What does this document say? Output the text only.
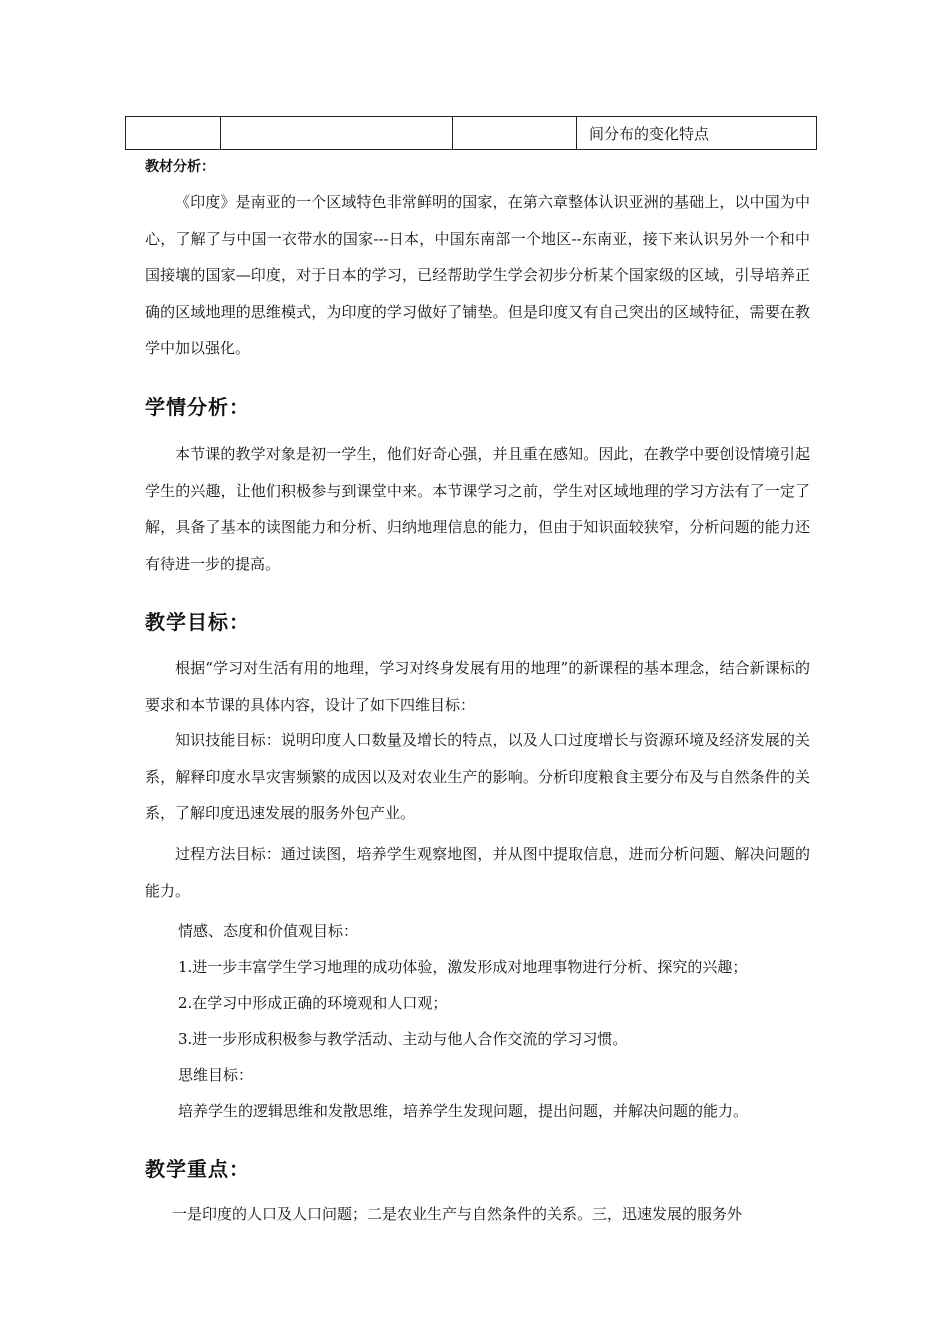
			间分布的变化特点
教材分析：

《印度》是南亚的一个区域特色非常鲜明的国家，在第六章整体认识亚洲的基础上，以中国为中心，了解了与中国一衣带水的国家---日本，中国东南部一个地区--东南亚，接下来认识另外一个和中国接壤的国家—印度，对于日本的学习，已经帮助学生学会初步分析某个国家级的区域，引导培养正确的区域地理的思维模式，为印度的学习做好了铺垫。但是印度又有自己突出的区域特征，需要在教学中加以强化。

学情分析：

本节课的教学对象是初一学生，他们好奇心强，并且重在感知。因此，在教学中要创设情境引起学生的兴趣，让他们积极参与到课堂中来。本节课学习之前，学生对区域地理的学习方法有了一定了解，具备了基本的读图能力和分析、归纳地理信息的能力，但由于知识面较狭窄，分析问题的能力还有待进一步的提高。

教学目标：

根据“学习对生活有用的地理，学习对终身发展有用的地理”的新课程的基本理念，结合新课标的要求和本节课的具体内容，设计了如下四维目标：

知识技能目标：说明印度人口数量及增长的特点，以及人口过度增长与资源环境及经济发展的关系，解释印度水旱灾害频繁的成因以及对农业生产的影响。分析印度粮食主要分布及与自然条件的关系，了解印度迅速发展的服务外包产业。

过程方法目标：通过读图，培养学生观察地图，并从图中提取信息，进而分析问题、解决问题的能力。

情感、态度和价值观目标：
1.进一步丰富学生学习地理的成功体验，激发形成对地理事物进行分析、探究的兴趣；
2.在学习中形成正确的环境观和人口观；
3.进一步形成积极参与教学活动、主动与他人合作交流的学习习惯。
思维目标：
培养学生的逻辑思维和发散思维，培养学生发现问题，提出问题，并解决问题的能力。
教学重点：
一是印度的人口及人口问题；二是农业生产与自然条件的关系。三，迅速发展的服务外
